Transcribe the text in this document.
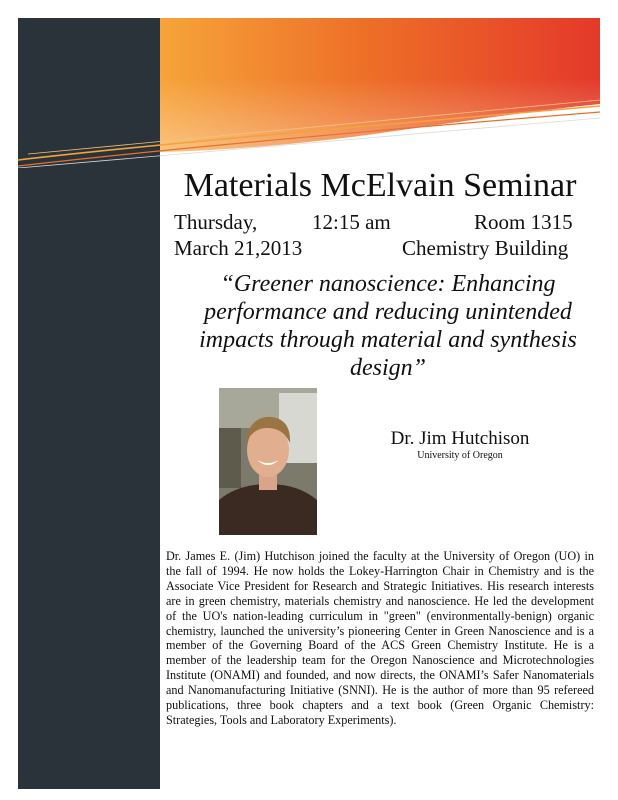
Materials McElvain Seminar
Thursday,	12:15 am	Room 1315
March 21,2013	Chemistry Building
“Greener nanoscience: Enhancing performance and reducing unintended impacts through material and synthesis design”
Dr. Jim Hutchison
University of Oregon
Dr. James E. (Jim) Hutchison joined the faculty at the University of Oregon (UO) in the fall of 1994. He now holds the Lokey-Harrington Chair in Chemistry and is the Associate Vice President for Research and Strategic Initiatives. His research interests are in green chemistry, materials chemistry and nanoscience. He led the development of the UO's nation-leading curriculum in "green" (environmentally-benign) organic chemistry, launched the university’s pioneering Center in Green Nanoscience and is a member of the Governing Board of the ACS Green Chemistry Institute. He is a member of the leadership team for the Oregon Nanoscience and Microtechnologies Institute (ONAMI) and founded, and now directs, the ONAMI’s Safer Nanomaterials and Nanomanufacturing Initiative (SNNI). He is the author of more than 95 refereed publications, three book chapters and a text book (Green Organic Chemistry: Strategies, Tools and Laboratory Experiments).
